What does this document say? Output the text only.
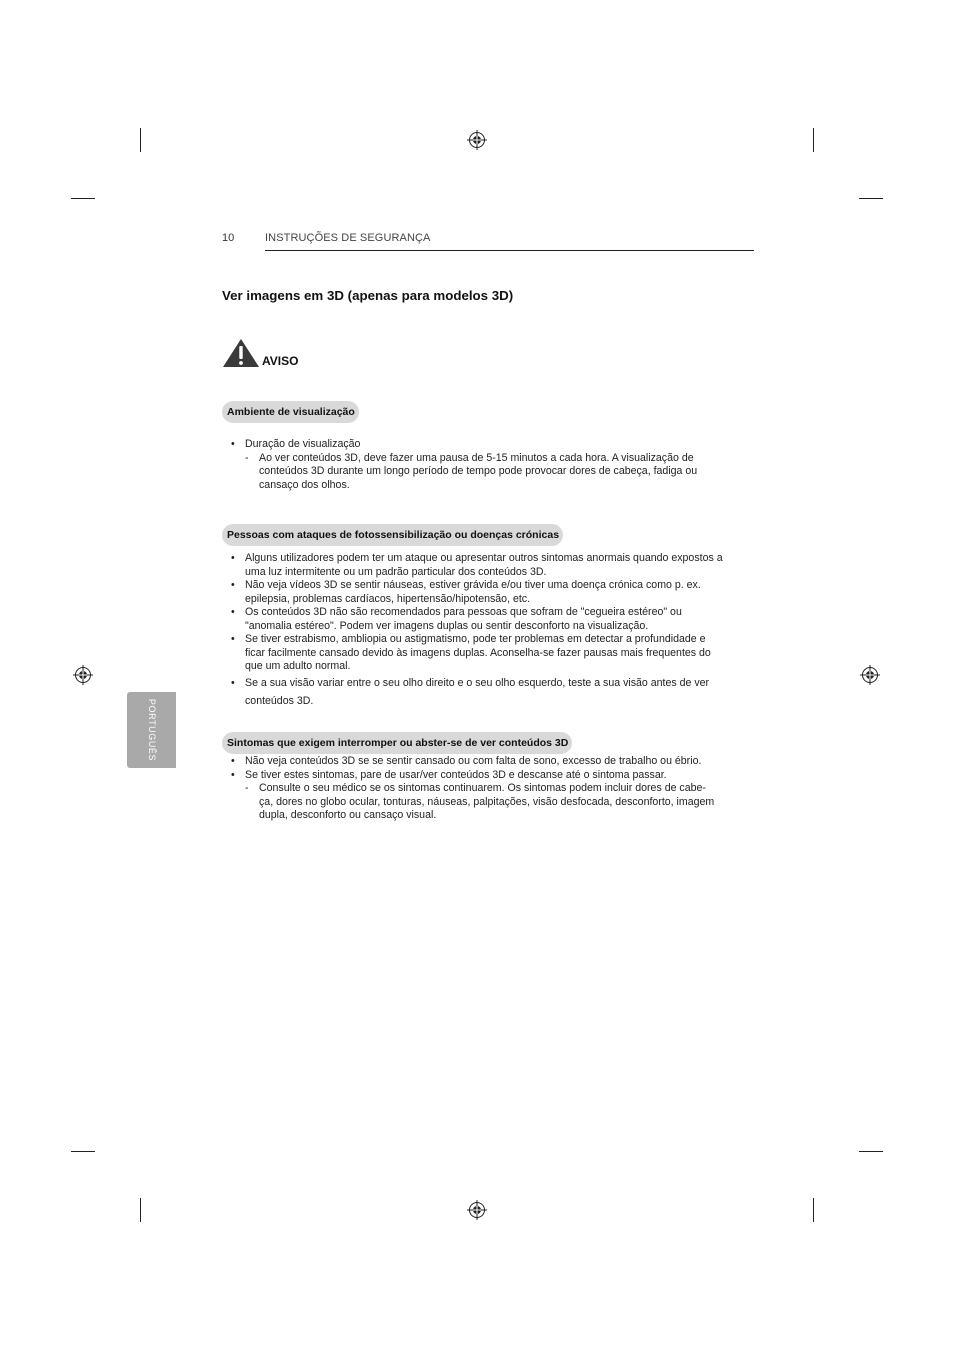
10	INSTRUÇÕES DE SEGURANÇA
Ver imagens em 3D (apenas para modelos 3D)
AVISO
Ambiente de visualização
• Duração de visualização
- Ao ver conteúdos 3D, deve fazer uma pausa de 5-15 minutos a cada hora. A visualização de
conteúdos 3D durante um longo período de tempo pode provocar dores de cabeça, fadiga ou
cansaço dos olhos.
Pessoas com ataques de fotossensibilização ou doenças crónicas
• Alguns utilizadores podem ter um ataque ou apresentar outros sintomas anormais quando expostos a
uma luz intermitente ou um padrão particular dos conteúdos 3D.
• Não veja vídeos 3D se sentir náuseas, estiver grávida e/ou tiver uma doença crónica como p. ex.
epilepsia, problemas cardíacos, hipertensão/hipotensão, etc.
• Os conteúdos 3D não são recomendados para pessoas que sofram de "cegueira estéreo" ou
"anomalia estéreo". Podem ver imagens duplas ou sentir desconforto na visualização.
• Se tiver estrabismo, ambliopia ou astigmatismo, pode ter problemas em detectar a profundidade e
ficar facilmente cansado devido às imagens duplas. Aconselha-se fazer pausas mais frequentes do
que um adulto normal.
• Se a sua visão variar entre o seu olho direito e o seu olho esquerdo, teste a sua visão antes de ver
conteúdos 3D.
Sintomas que exigem interromper ou abster-se de ver conteúdos 3D
• Não veja conteúdos 3D se se sentir cansado ou com falta de sono, excesso de trabalho ou ébrio.
• Se tiver estes sintomas, pare de usar/ver conteúdos 3D e descanse até o sintoma passar.
- Consulte o seu médico se os sintomas continuarem. Os sintomas podem incluir dores de cabe-
ça, dores no globo ocular, tonturas, náuseas, palpitações, visão desfocada, desconforto, imagem
dupla, desconforto ou cansaço visual.
PORTUGUÊS
